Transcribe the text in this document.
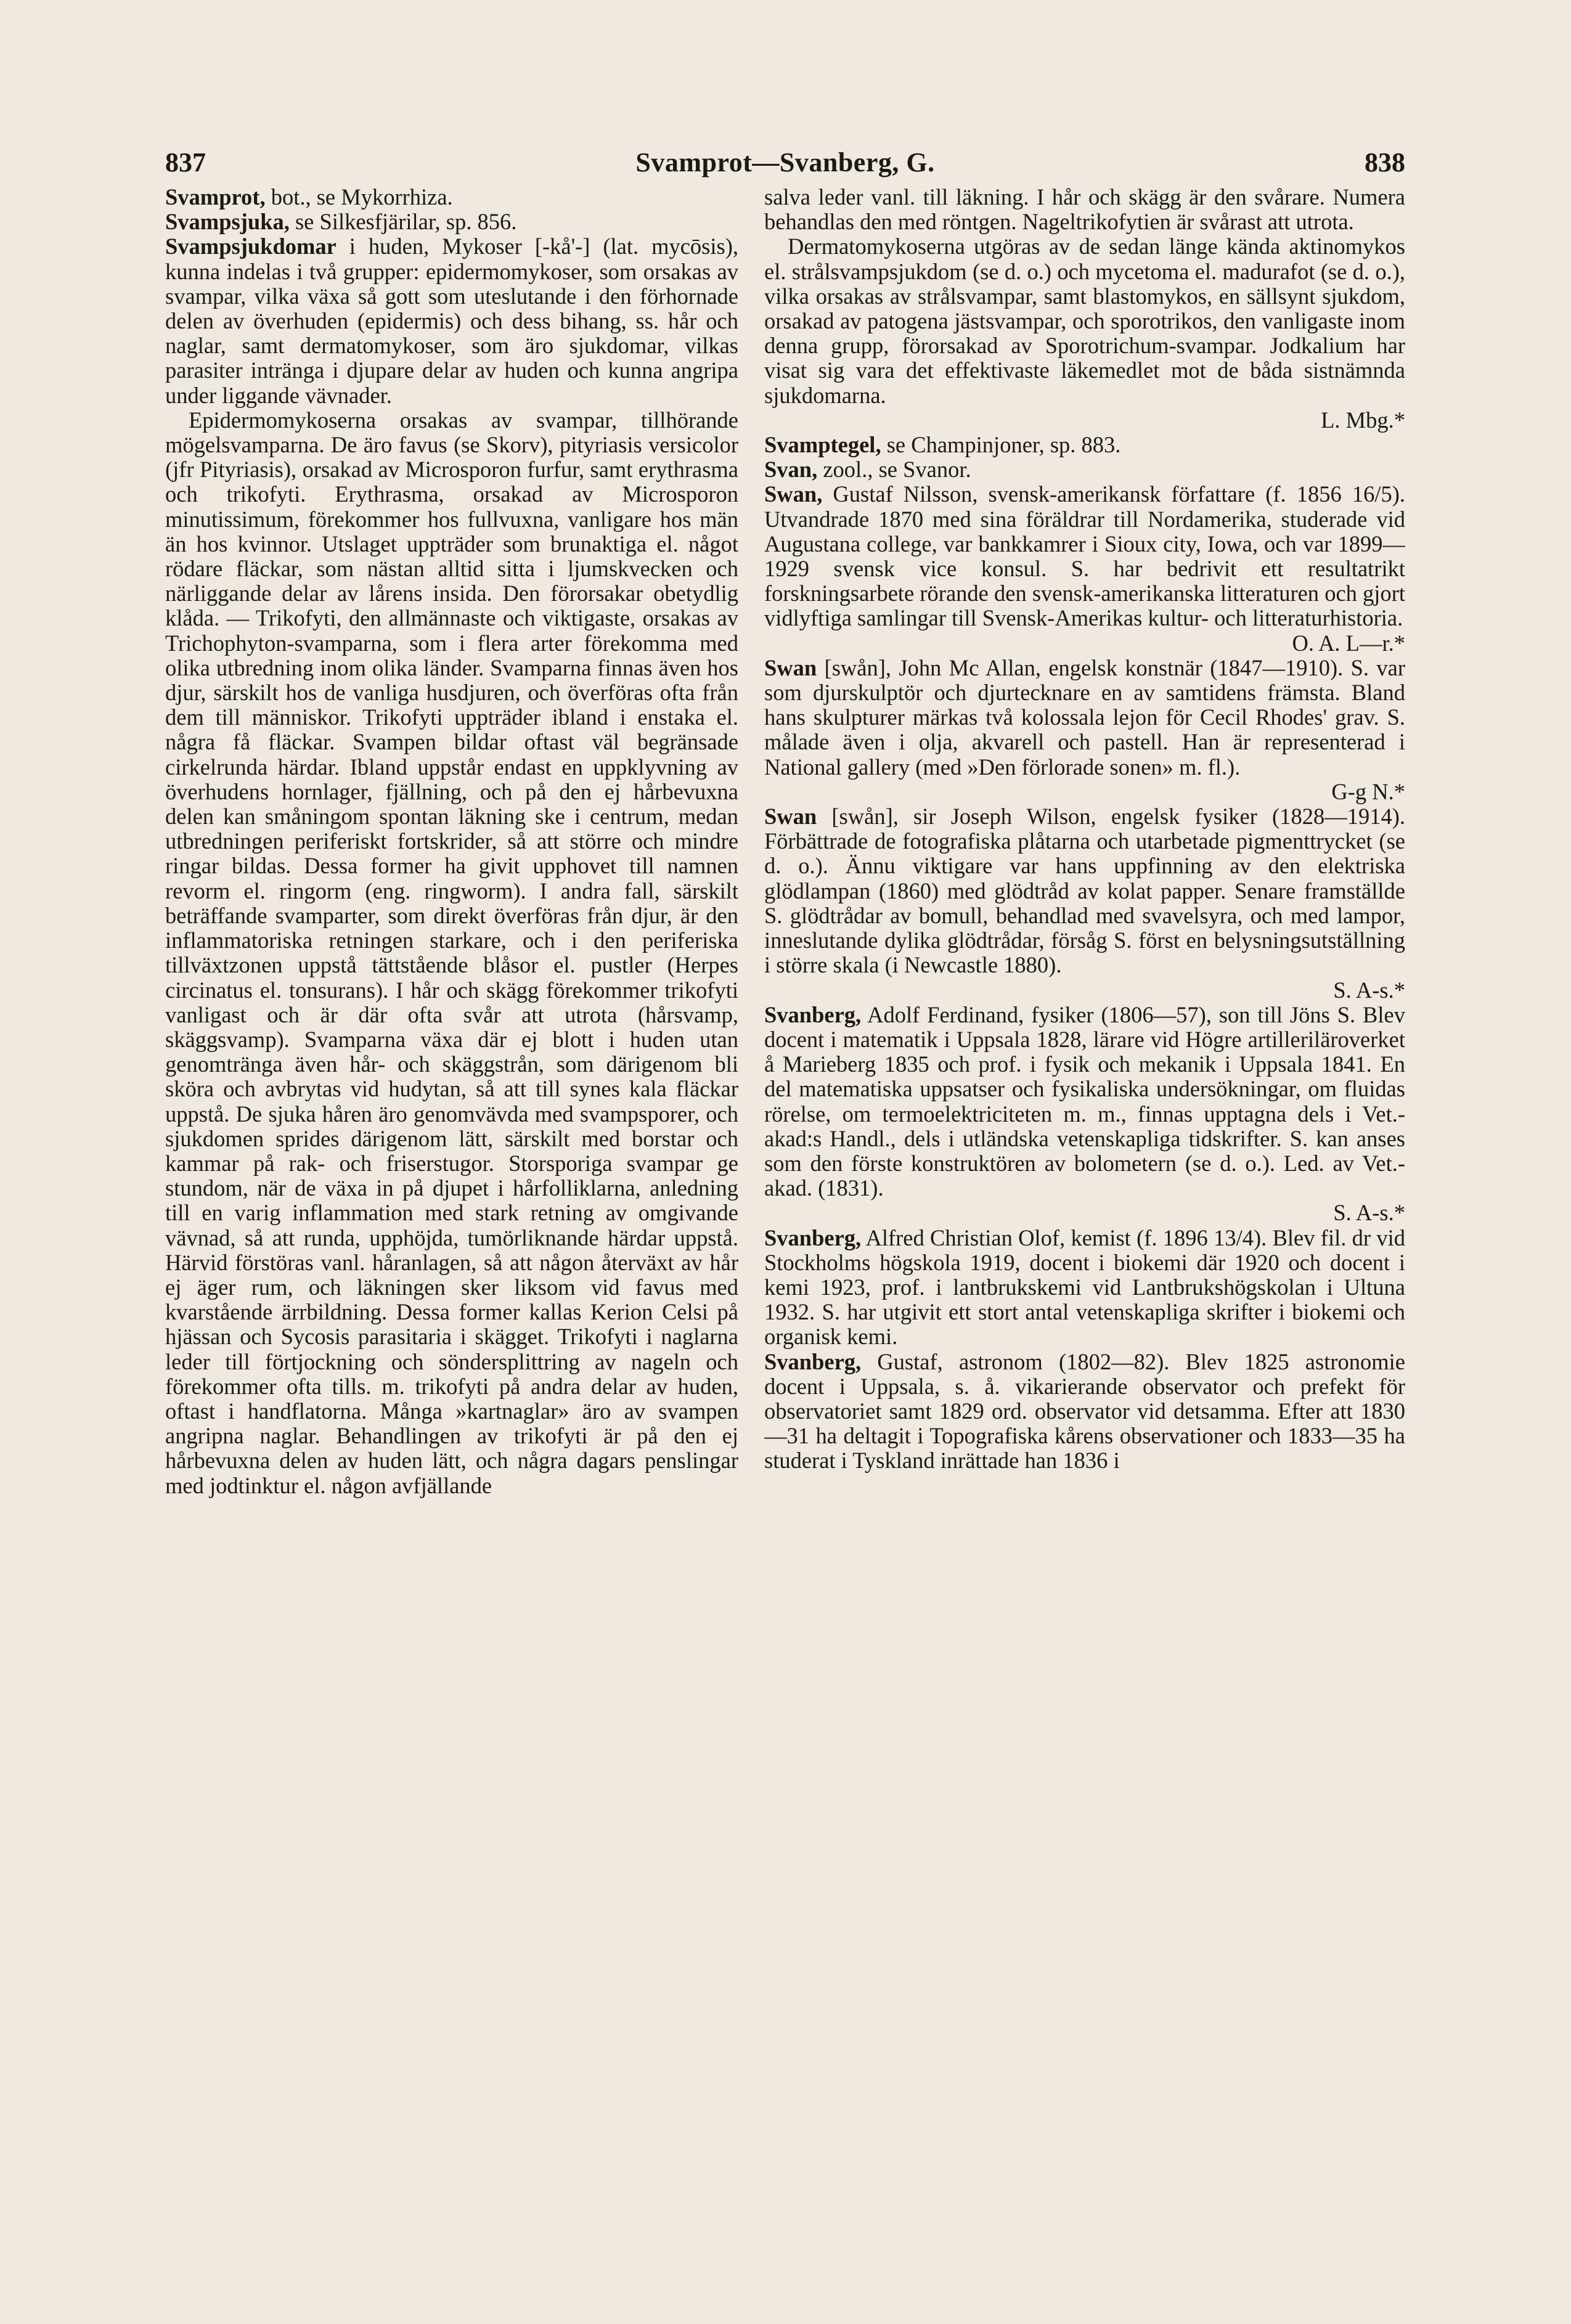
837	Svamprot—Svanberg, G.	838

Svamprot, bot., se Mykorrhiza.

Svampsjuka, se Silkesfjärilar, sp. 856.

Svampsjukdomar i huden, Mykoser [-kå'-] (lat. mycōsis), kunna indelas i två grupper: epidermomykoser, som orsakas av svampar, vilka växa så gott som uteslutande i den förhornade delen av överhuden (epidermis) och dess bihang, ss. hår och naglar, samt dermatomykoser, som äro sjukdomar, vilkas parasiter intränga i djupare delar av huden och kunna angripa under liggande vävnader.

Epidermomykoserna orsakas av svampar, tillhörande mögelsvamparna. De äro favus (se Skorv), pityriasis versicolor (jfr Pityriasis), orsakad av Microsporon furfur, samt erythrasma och trikofyti. Erythrasma, orsakad av Microsporon minutissimum, förekommer hos fullvuxna, vanligare hos män än hos kvinnor. Utslaget uppträder som brunaktiga el. något rödare fläckar, som nästan alltid sitta i ljumskvecken och närliggande delar av lårens insida. Den förorsakar obetydlig klåda. — Trikofyti, den allmännaste och viktigaste, orsakas av Trichophyton-svamparna, som i flera arter förekomma med olika utbredning inom olika länder. Svamparna finnas även hos djur, särskilt hos de vanliga husdjuren, och överföras ofta från dem till människor. Trikofyti uppträder ibland i enstaka el. några få fläckar. Svampen bildar oftast väl begränsade cirkelrunda härdar. Ibland uppstår endast en uppklyvning av överhudens hornlager, fjällning, och på den ej hårbevuxna delen kan småningom spontan läkning ske i centrum, medan utbredningen periferiskt fortskrider, så att större och mindre ringar bildas. Dessa former ha givit upphovet till namnen revorm el. ringorm (eng. ringworm). I andra fall, särskilt beträffande svamparter, som direkt överföras från djur, är den inflammatoriska retningen starkare, och i den periferiska tillväxtzonen uppstå tättstående blåsor el. pustler (Herpes circinatus el. tonsurans). I hår och skägg förekommer trikofyti vanligast och är där ofta svår att utrota (hårsvamp, skäggsvamp). Svamparna växa där ej blott i huden utan genomtränga även hår- och skäggstrån, som därigenom bli sköra och avbrytas vid hudytan, så att till synes kala fläckar uppstå. De sjuka håren äro genomvävda med svampsporer, och sjukdomen sprides därigenom lätt, särskilt med borstar och kammar på rak- och friserstugor. Storsporiga svampar ge stundom, när de växa in på djupet i hårfolliklarna, anledning till en varig inflammation med stark retning av omgivande vävnad, så att runda, upphöjda, tumörliknande härdar uppstå. Härvid förstöras vanl. håranlagen, så att någon återväxt av hår ej äger rum, och läkningen sker liksom vid favus med kvarstående ärrbildning. Dessa former kallas Kerion Celsi på hjässan och Sycosis parasitaria i skägget. Trikofyti i naglarna leder till förtjockning och söndersplittring av nageln och förekommer ofta tills. m. trikofyti på andra delar av huden, oftast i handflatorna. Många »kartnaglar» äro av svampen angripna naglar. Behandlingen av trikofyti är på den ej hårbevuxna delen av huden lätt, och några dagars penslingar med jodtinktur el. någon avfjällande

salva leder vanl. till läkning. I hår och skägg är den svårare. Numera behandlas den med röntgen. Nageltrikofytien är svårast att utrota.

Dermatomykoserna utgöras av de sedan länge kända aktinomykos el. strålsvampsjukdom (se d. o.) och mycetoma el. madurafot (se d. o.), vilka orsakas av strålsvampar, samt blastomykos, en sällsynt sjukdom, orsakad av patogena jästsvampar, och sporotrikos, den vanligaste inom denna grupp, förorsakad av Sporotrichum-svampar. Jodkalium har visat sig vara det effektivaste läkemedlet mot de båda sistnämnda sjukdomarna.
L. Mbg.*

Svamptegel, se Champinjoner, sp. 883.

Svan, zool., se Svanor.

Swan, Gustaf Nilsson, svensk-amerikansk författare (f. 1856 16/5). Utvandrade 1870 med sina föräldrar till Nordamerika, studerade vid Augustana college, var bankkamrer i Sioux city, Iowa, och var 1899—1929 svensk vice konsul. S. har bedrivit ett resultatrikt forskningsarbete rörande den svensk-amerikanska litteraturen och gjort vidlyftiga samlingar till Svensk-Amerikas kultur- och litteraturhistoria.
O. A. L—r.*

Swan [swån], John Mc Allan, engelsk konstnär (1847—1910). S. var som djurskulptör och djurtecknare en av samtidens främsta. Bland hans skulpturer märkas två kolossala lejon för Cecil Rhodes' grav. S. målade även i olja, akvarell och pastell. Han är representerad i National gallery (med »Den förlorade sonen» m. fl.).
G-g N.*

Swan [swån], sir Joseph Wilson, engelsk fysiker (1828—1914). Förbättrade de fotografiska plåtarna och utarbetade pigmenttrycket (se d. o.). Ännu viktigare var hans uppfinning av den elektriska glödlampan (1860) med glödtråd av kolat papper. Senare framställde S. glödtrådar av bomull, behandlad med svavelsyra, och med lampor, inneslutande dylika glödtrådar, försåg S. först en belysningsutställning i större skala (i Newcastle 1880).
S. A-s.*

Svanberg, Adolf Ferdinand, fysiker (1806—57), son till Jöns S. Blev docent i matematik i Uppsala 1828, lärare vid Högre artilleriläroverket å Marieberg 1835 och prof. i fysik och mekanik i Uppsala 1841. En del matematiska uppsatser och fysikaliska undersökningar, om fluidas rörelse, om termoelektriciteten m. m., finnas upptagna dels i Vet.-akad:s Handl., dels i utländska vetenskapliga tidskrifter. S. kan anses som den förste konstruktören av bolometern (se d. o.). Led. av Vet.-akad. (1831).
S. A-s.*

Svanberg, Alfred Christian Olof, kemist (f. 1896 13/4). Blev fil. dr vid Stockholms högskola 1919, docent i biokemi där 1920 och docent i kemi 1923, prof. i lantbrukskemi vid Lantbrukshögskolan i Ultuna 1932. S. har utgivit ett stort antal vetenskapliga skrifter i biokemi och organisk kemi.

Svanberg, Gustaf, astronom (1802—82). Blev 1825 astronomie docent i Uppsala, s. å. vikarierande observator och prefekt för observatoriet samt 1829 ord. observator vid detsamma. Efter att 1830—31 ha deltagit i Topografiska kårens observationer och 1833—35 ha studerat i Tyskland inrättade han 1836 i
